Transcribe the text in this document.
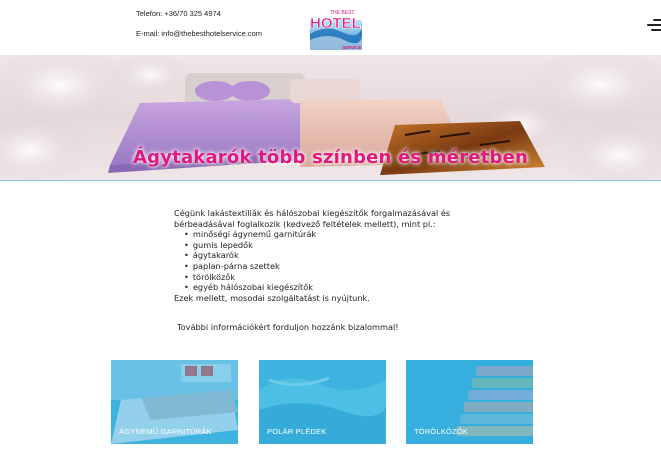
Telefon: +36/70 325 4974
E-mail: info@thebesthotelservice.com
THE BEST
HOTEL
SERVICE
Ágytakarók több színben és méretben
Cégünk lakástextiliák és hálószobai kiegészítők forgalmazásával és
bérbeadásával foglalkozik (kedvező feltételek mellett), mint pl.:
• minőségi ágynemű garnitúrák
• gumis lepedők
• ágytakarók
• paplan-párna szettek
• törölközők
• egyéb hálószobai kiegészítők
Ezek mellett, mosodai szolgáltatást is nyújtunk.
További információkért forduljon hozzánk bizalommal!
ÁGYNEMŰ GARNITÚRÁK	POLÁR PLÉDEK	TÖRÖLKÖZŐK
